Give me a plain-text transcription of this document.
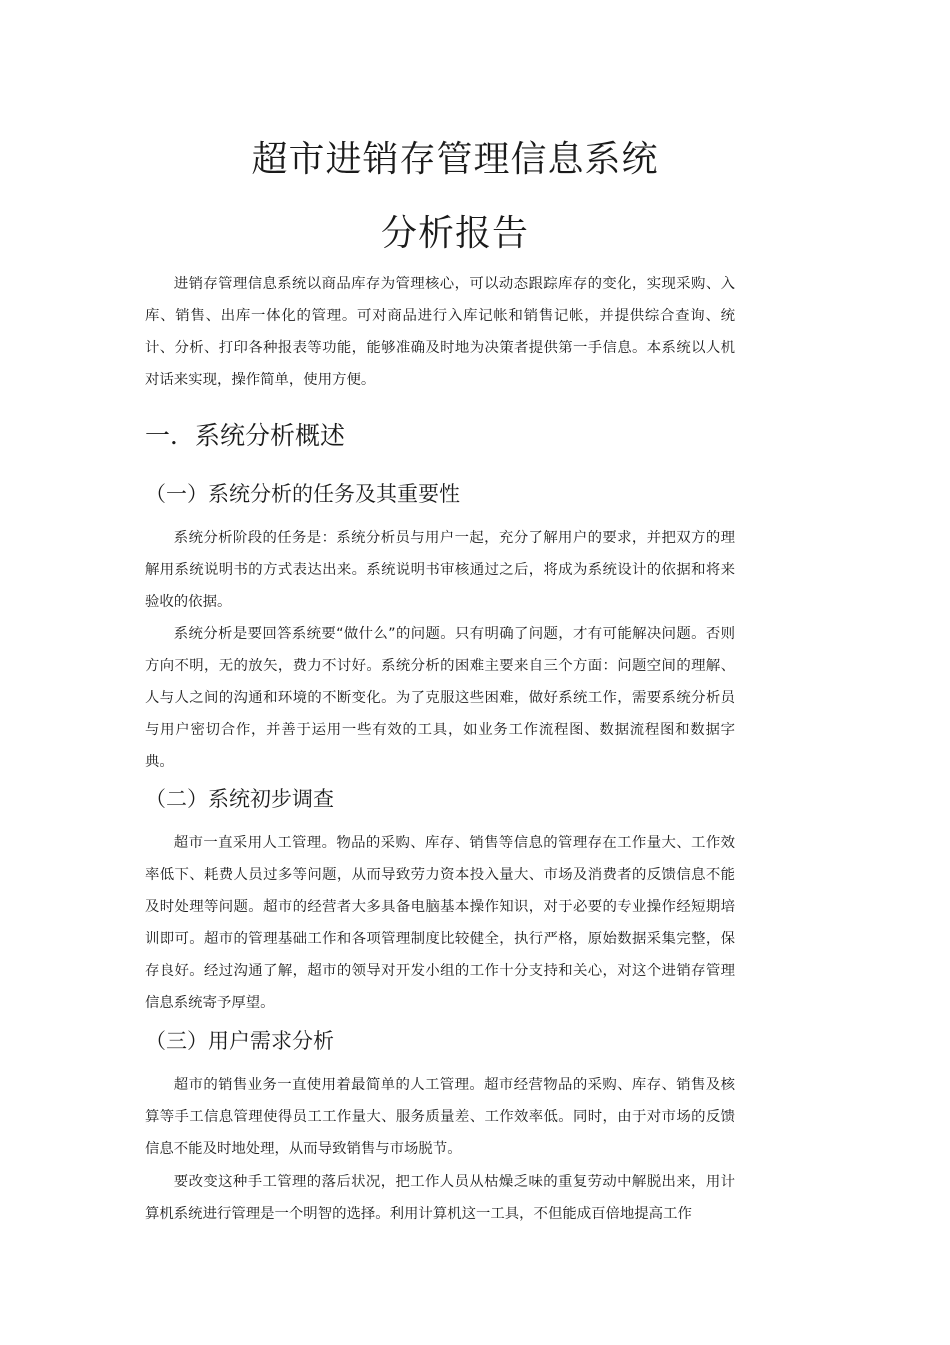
超市进销存管理信息系统
分析报告

进销存管理信息系统以商品库存为管理核心，可以动态跟踪库存的变化，实现采购、入库、销售、出库一体化的管理。可对商品进行入库记帐和销售记帐，并提供综合查询、统计、分析、打印各种报表等功能，能够准确及时地为决策者提供第一手信息。本系统以人机对话来实现，操作简单，使用方便。

一．系统分析概述
（一）系统分析的任务及其重要性

系统分析阶段的任务是：系统分析员与用户一起，充分了解用户的要求，并把双方的理解用系统说明书的方式表达出来。系统说明书审核通过之后，将成为系统设计的依据和将来验收的依据。

系统分析是要回答系统要“做什么”的问题。只有明确了问题，才有可能解决问题。否则方向不明，无的放矢，费力不讨好。系统分析的困难主要来自三个方面：问题空间的理解、人与人之间的沟通和环境的不断变化。为了克服这些困难，做好系统工作，需要系统分析员与用户密切合作，并善于运用一些有效的工具，如业务工作流程图、数据流程图和数据字典。

（二）系统初步调查

超市一直采用人工管理。物品的采购、库存、销售等信息的管理存在工作量大、工作效率低下、耗费人员过多等问题，从而导致劳力资本投入量大、市场及消费者的反馈信息不能及时处理等问题。超市的经营者大多具备电脑基本操作知识，对于必要的专业操作经短期培训即可。超市的管理基础工作和各项管理制度比较健全，执行严格，原始数据采集完整，保存良好。经过沟通了解，超市的领导对开发小组的工作十分支持和关心，对这个进销存管理信息系统寄予厚望。

（三）用户需求分析

超市的销售业务一直使用着最简单的人工管理。超市经营物品的采购、库存、销售及核算等手工信息管理使得员工工作量大、服务质量差、工作效率低。同时，由于对市场的反馈信息不能及时地处理，从而导致销售与市场脱节。

要改变这种手工管理的落后状况，把工作人员从枯燥乏味的重复劳动中解脱出来，用计算机系统进行管理是一个明智的选择。利用计算机这一工具，不但能成百倍地提高工作
